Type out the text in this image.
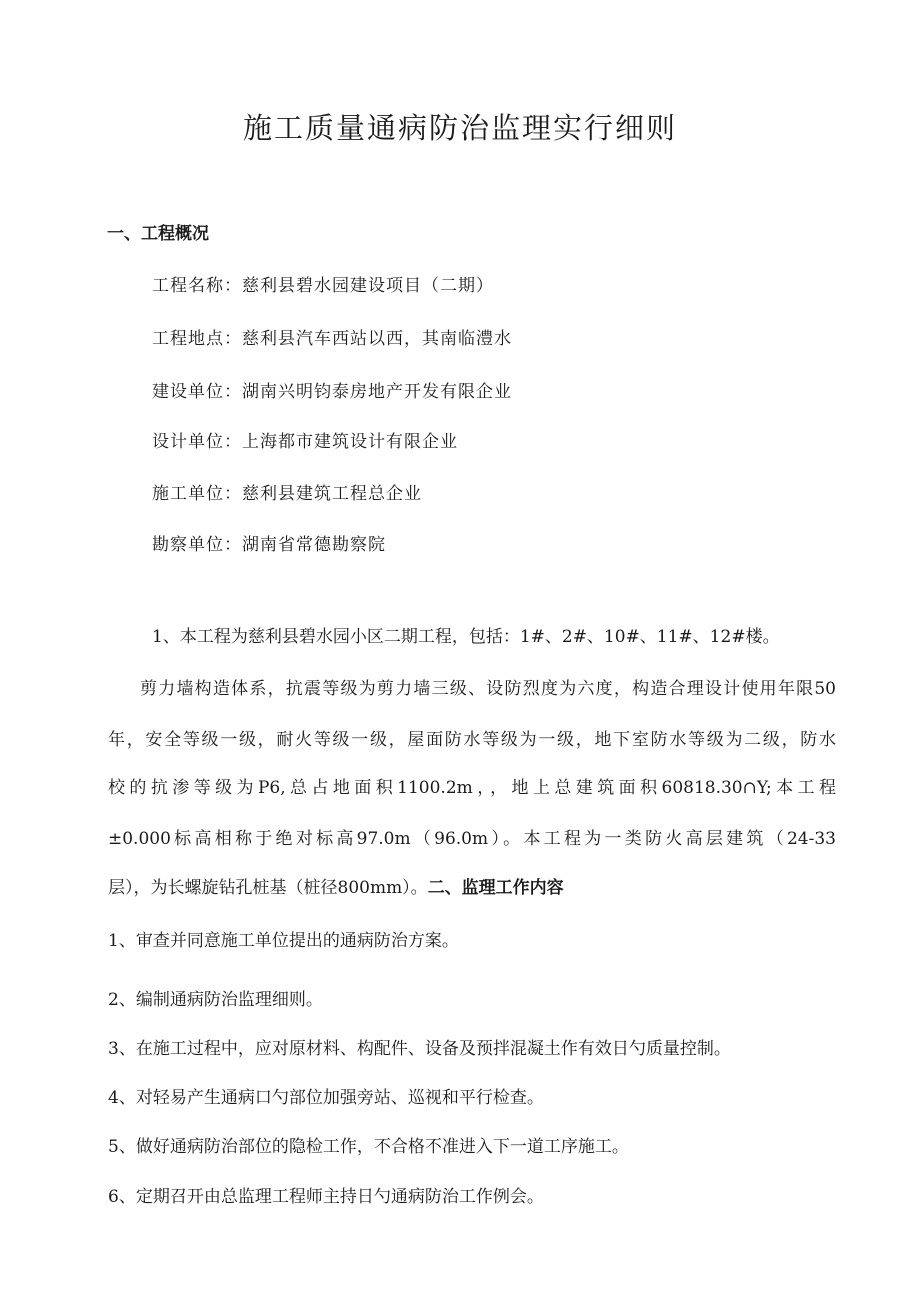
施工质量通病防治监理实行细则
一、工程概况
工程名称：慈利县碧水园建设项目（二期）
工程地点：慈利县汽车西站以西，其南临澧水
建设单位：湖南兴明钧泰房地产开发有限企业
设计单位：上海都市建筑设计有限企业
施工单位：慈利县建筑工程总企业
勘察单位：湖南省常德勘察院
1、本工程为慈利县碧水园小区二期工程，包括：1#、2#、10#、11#、12#楼。
剪力墙构造体系，抗震等级为剪力墙三级、设防烈度为六度，构造合理设计使用年限50
年，安全等级一级，耐火等级一级，屋面防水等级为一级，地下室防水等级为二级，防水
校的抗渗等级为P6,总占地面积1100.2m，，地上总建筑面积60818.30∩Y;本工程
±0.000标高相称于绝对标高97.0m（96.0m）。本工程为一类防火高层建筑（24-33
层），为长螺旋钻孔桩基（桩径800mm）。二、监理工作内容
1、审查并同意施工单位提出的通病防治方案。
2、编制通病防治监理细则。
3、在施工过程中，应对原材料、构配件、设备及预拌混凝土作有效日勺质量控制。
4、对轻易产生通病口勺部位加强旁站、巡视和平行检查。
5、做好通病防治部位的隐检工作，不合格不准进入下一道工序施工。
6、定期召开由总监理工程师主持日勺通病防治工作例会。
